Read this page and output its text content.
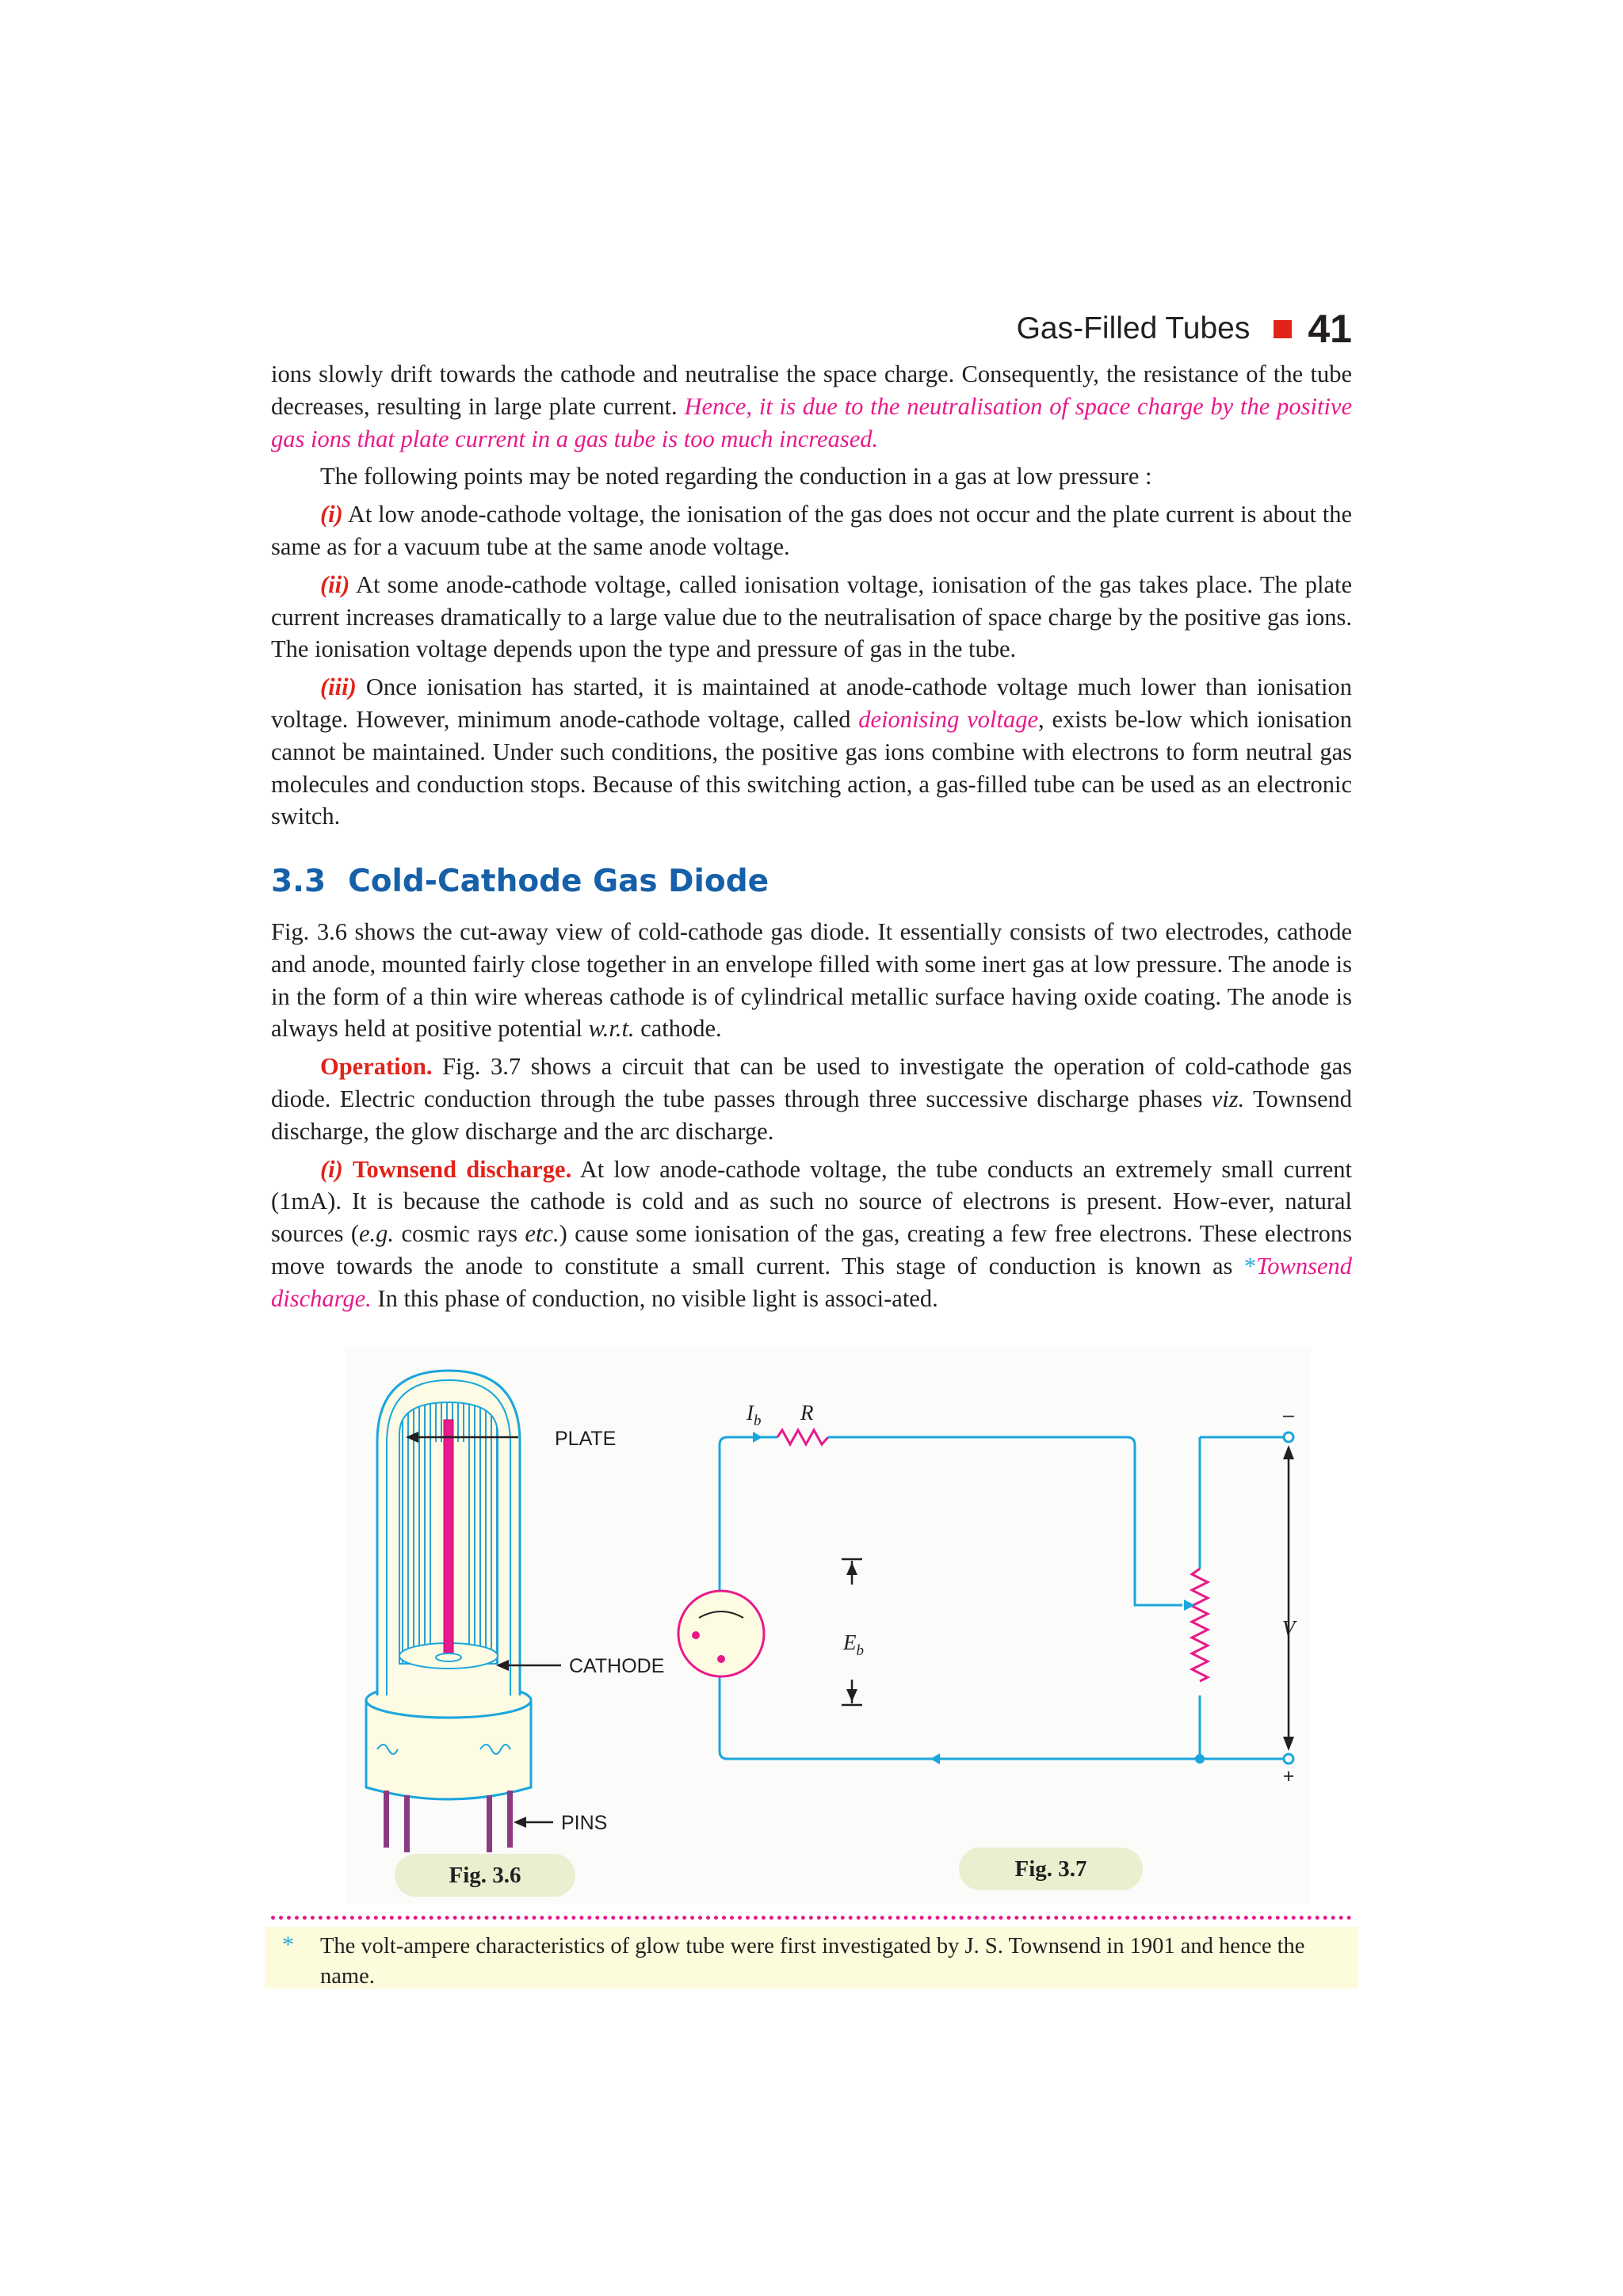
Gas-Filled Tubes 41

ions slowly drift towards the cathode and neutralise the space charge. Consequently, the resistance of the tube decreases, resulting in large plate current. Hence, it is due to the neutralisation of space charge by the positive gas ions that plate current in a gas tube is too much increased.

The following points may be noted regarding the conduction in a gas at low pressure :

(i) At low anode-cathode voltage, the ionisation of the gas does not occur and the plate current is about the same as for a vacuum tube at the same anode voltage.

(ii) At some anode-cathode voltage, called ionisation voltage, ionisation of the gas takes place. The plate current increases dramatically to a large value due to the neutralisation of space charge by the positive gas ions. The ionisation voltage depends upon the type and pressure of gas in the tube.

(iii) Once ionisation has started, it is maintained at anode-cathode voltage much lower than ionisation voltage. However, minimum anode-cathode voltage, called deionising voltage, exists be-low which ionisation cannot be maintained. Under such conditions, the positive gas ions combine with electrons to form neutral gas molecules and conduction stops. Because of this switching action, a gas-filled tube can be used as an electronic switch.

3.3 Cold-Cathode Gas Diode

Fig. 3.6 shows the cut-away view of cold-cathode gas diode. It essentially consists of two electrodes, cathode and anode, mounted fairly close together in an envelope filled with some inert gas at low pressure. The anode is in the form of a thin wire whereas cathode is of cylindrical metallic surface having oxide coating. The anode is always held at positive potential w.r.t. cathode.

Operation. Fig. 3.7 shows a circuit that can be used to investigate the operation of cold-cathode gas diode. Electric conduction through the tube passes through three successive discharge phases viz. Townsend discharge, the glow discharge and the arc discharge.

(i) Townsend discharge. At low anode-cathode voltage, the tube conducts an extremely small current (1mA). It is because the cathode is cold and as such no source of electrons is present. How-ever, natural sources (e.g. cosmic rays etc.) cause some ionisation of the gas, creating a few free electrons. These electrons move towards the anode to constitute a small current. This stage of conduction is known as *Townsend discharge. In this phase of conduction, no visible light is associ-ated.

PLATE
CATHODE
PINS
$I_b$ R
$E_b$
V
–
+
Fig. 3.6	Fig. 3.7
* The volt-ampere characteristics of glow tube were first investigated by J. S. Townsend in 1901 and hence the name.
